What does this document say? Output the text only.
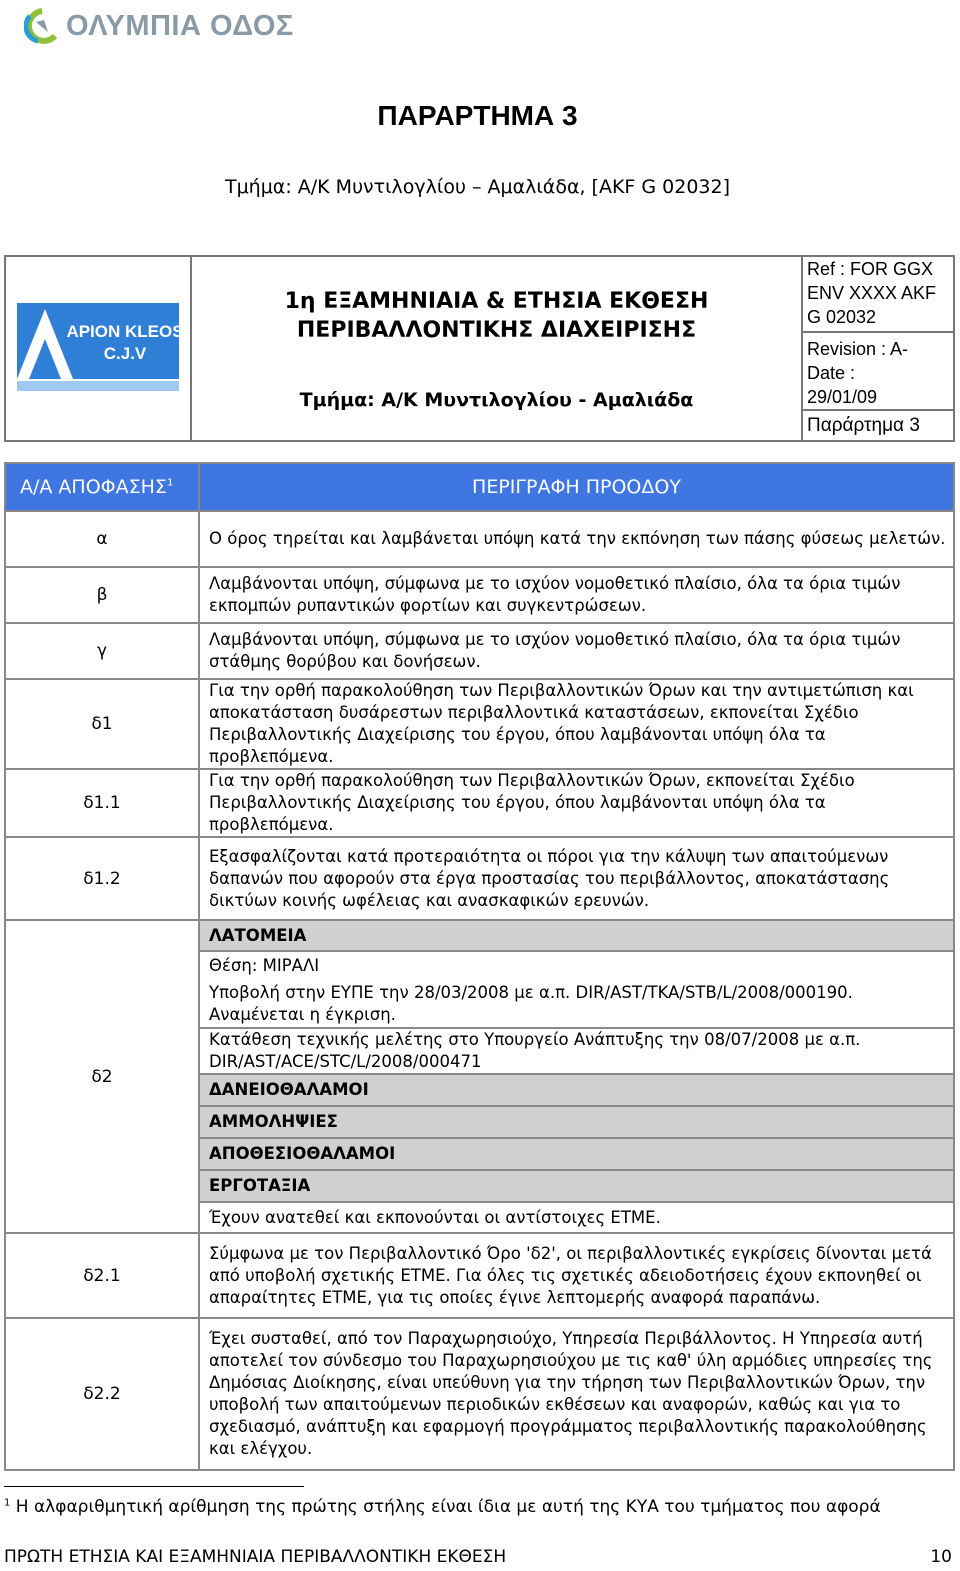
ΟΛΥΜΠΙΑ ΟΔΟΣ
ΠΑΡΑΡΤΗΜΑ 3
Τμήμα: Α/Κ Μυντιλογλίου – Αμαλιάδα, [AKF G 02032]
APION KLEOS
C.J.V

1η ΕΞΑΜΗΝΙΑΙΑ & ΕΤΗΣΙΑ ΕΚΘΕΣΗ
ΠΕΡΙΒΑΛΛΟΝΤΙΚΗΣ ΔΙΑΧΕΙΡΙΣΗΣ
Τμήμα: Α/Κ Μυντιλογλίου - Αμαλιάδα

Ref : FOR GGX
ENV XXXX AKF
G 02032

Revision : A-
Date :
29/01/09

Παράρτημα 3
Α/Α ΑΠΟΦΑΣΗΣ$^1$	ΠΕΡΙΓΡΑΦΗ ΠΡΟΟΔΟΥ
α	Ο όρος τηρείται και λαμβάνεται υπόψη κατά την εκπόνηση των πάσης φύσεως μελετών.
β	Λαμβάνονται υπόψη, σύμφωνα με το ισχύον νομοθετικό πλαίσιο, όλα τα όρια τιμών εκπομπών ρυπαντικών φορτίων και συγκεντρώσεων.
γ	Λαμβάνονται υπόψη, σύμφωνα με το ισχύον νομοθετικό πλαίσιο, όλα τα όρια τιμών στάθμης θορύβου και δονήσεων.
δ1	Για την ορθή παρακολούθηση των Περιβαλλοντικών Όρων και την αντιμετώπιση και αποκατάσταση δυσάρεστων περιβαλλοντικά καταστάσεων, εκπονείται Σχέδιο Περιβαλλοντικής Διαχείρισης του έργου, όπου λαμβάνονται υπόψη όλα τα προβλεπόμενα.
δ1.1	Για την ορθή παρακολούθηση των Περιβαλλοντικών Όρων, εκπονείται Σχέδιο Περιβαλλοντικής Διαχείρισης του έργου, όπου λαμβάνονται υπόψη όλα τα προβλεπόμενα.
δ1.2	Εξασφαλίζονται κατά προτεραιότητα οι πόροι για την κάλυψη των απαιτούμενων δαπανών που αφορούν στα έργα προστασίας του περιβάλλοντος, αποκατάστασης δικτύων κοινής ωφέλειας και ανασκαφικών ερευνών.
δ2	ΛΑΤΟΜΕΙΑ
	Θέση: ΜΙΡΑΛΙ
	Υποβολή στην ΕΥΠΕ την 28/03/2008 με α.π. DIR/AST/TKA/STB/L/2008/000190. Αναμένεται η έγκριση.

	Κατάθεση τεχνικής μελέτης στο Υπουργείο Ανάπτυξης την 08/07/2008 με α.π.
DIR/AST/ACE/STC/L/2008/000471

	ΔΑΝΕΙΟΘΑΛΑΜΟΙ
	ΑΜΜΟΛΗΨΙΕΣ
	ΑΠΟΘΕΣΙΟΘΑΛΑΜΟΙ
	ΕΡΓΟΤΑΞΙΑ
	Έχουν ανατεθεί και εκπονούνται οι αντίστοιχες ΕΤΜΕ.
δ2.1	Σύμφωνα με τον Περιβαλλοντικό Όρο 'δ2', οι περιβαλλοντικές εγκρίσεις δίνονται μετά από υποβολή σχετικής ΕΤΜΕ. Για όλες τις σχετικές αδειοδοτήσεις έχουν εκπονηθεί οι απαραίτητες ΕΤΜΕ, για τις οποίες έγινε λεπτομερής αναφορά παραπάνω.
δ2.2	Έχει συσταθεί, από τον Παραχωρησιούχο, Υπηρεσία Περιβάλλοντος. Η Υπηρεσία αυτή αποτελεί τον σύνδεσμο του Παραχωρησιούχου με τις καθ' ύλη αρμόδιες υπηρεσίες της Δημόσιας Διοίκησης, είναι υπεύθυνη για την τήρηση των Περιβαλλοντικών Όρων, την υποβολή των απαιτούμενων περιοδικών εκθέσεων και αναφορών, καθώς και για το σχεδιασμό, ανάπτυξη και εφαρμογή προγράμματος περιβαλλοντικής παρακολούθησης και ελέγχου.
$^1$ Η αλφαριθμητική αρίθμηση της πρώτης στήλης είναι ίδια με αυτή της ΚΥΑ του τμήματος που αφορά
ΠΡΩΤΗ ΕΤΗΣΙΑ ΚΑΙ ΕΞΑΜΗΝΙΑΙΑ ΠΕΡΙΒΑΛΛΟΝΤΙΚΗ ΕΚΘΕΣΗ	10
